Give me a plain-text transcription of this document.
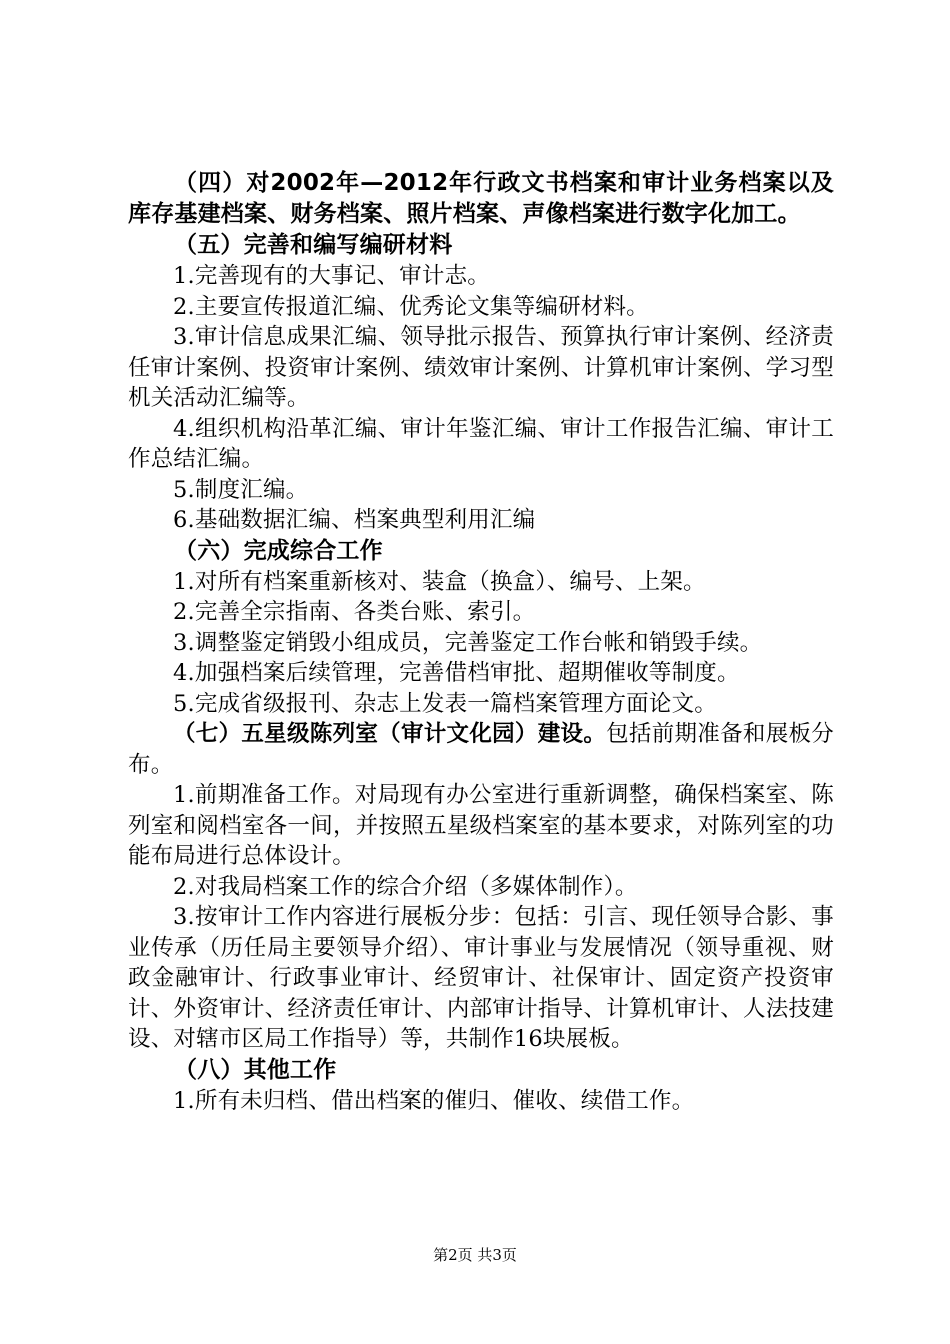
（四）对2002年—2012年行政文书档案和审计业务档案以及库存基建档案、财务档案、照片档案、声像档案进行数字化加工。

（五）完善和编写编研材料

1.完善现有的大事记、审计志。

2.主要宣传报道汇编、优秀论文集等编研材料。

3.审计信息成果汇编、领导批示报告、预算执行审计案例、经济责任审计案例、投资审计案例、绩效审计案例、计算机审计案例、学习型机关活动汇编等。

4.组织机构沿革汇编、审计年鉴汇编、审计工作报告汇编、审计工作总结汇编。

5.制度汇编。

6.基础数据汇编、档案典型利用汇编

（六）完成综合工作

1.对所有档案重新核对、装盒（换盒）、编号、上架。

2.完善全宗指南、各类台账、索引。

3.调整鉴定销毁小组成员，完善鉴定工作台帐和销毁手续。

4.加强档案后续管理，完善借档审批、超期催收等制度。

5.完成省级报刊、杂志上发表一篇档案管理方面论文。

（七）五星级陈列室（审计文化园）建设。包括前期准备和展板分布。

1.前期准备工作。对局现有办公室进行重新调整，确保档案室、陈列室和阅档室各一间，并按照五星级档案室的基本要求，对陈列室的功能布局进行总体设计。

2.对我局档案工作的综合介绍（多媒体制作）。

3.按审计工作内容进行展板分步：包括：引言、现任领导合影、事业传承（历任局主要领导介绍）、审计事业与发展情况（领导重视、财政金融审计、行政事业审计、经贸审计、社保审计、固定资产投资审计、外资审计、经济责任审计、内部审计指导、计算机审计、人法技建设、对辖市区局工作指导）等，共制作16块展板。

（八）其他工作

1.所有未归档、借出档案的催归、催收、续借工作。

第2页 共3页
